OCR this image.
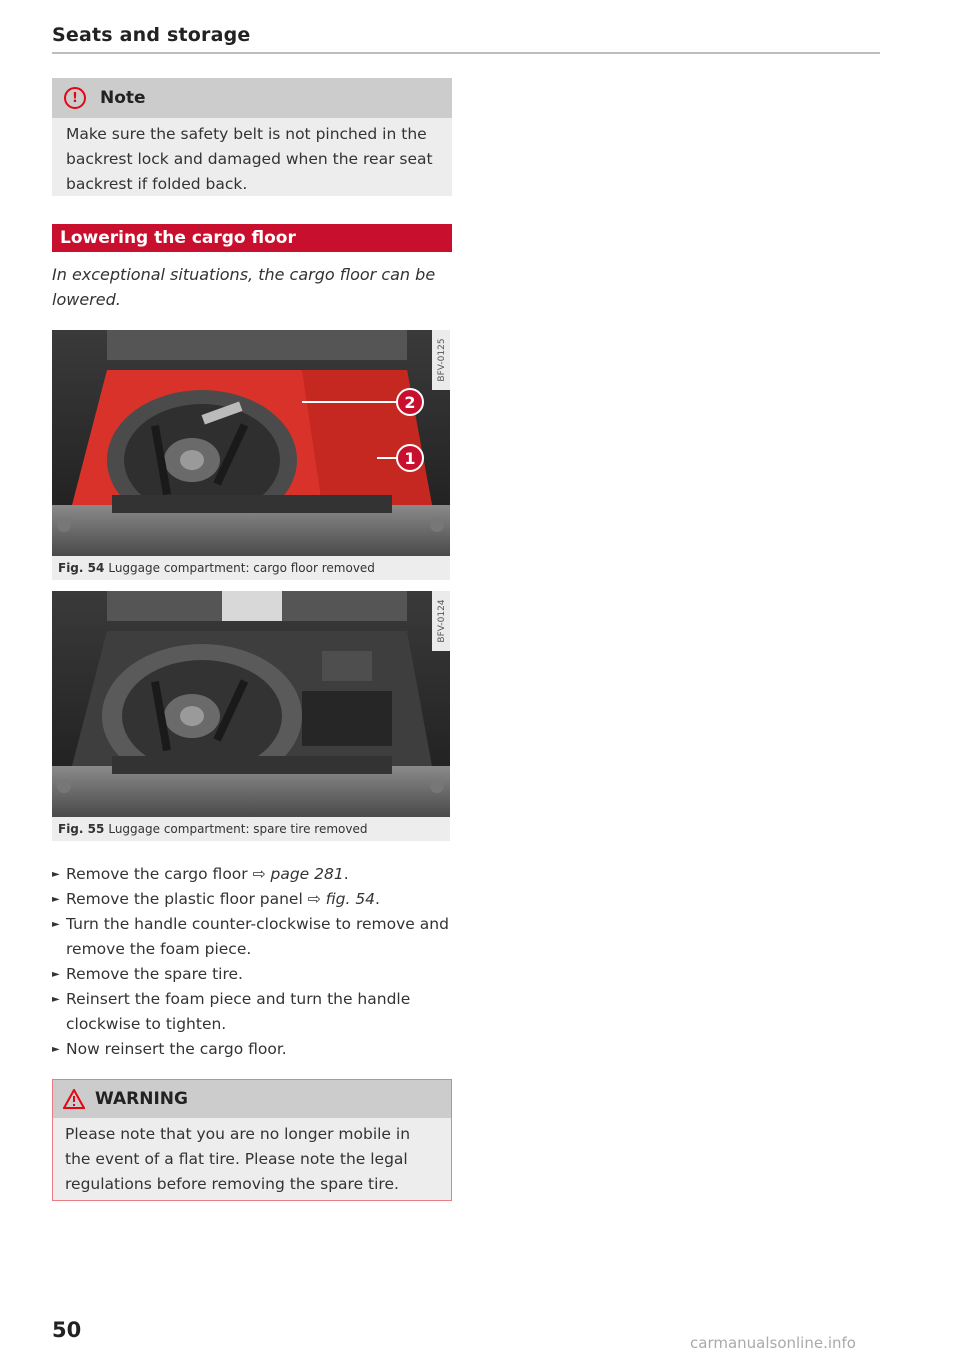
Seats and storage
!	Note
Make sure the safety belt is not pinched in the backrest lock and damaged when the rear seat backrest if folded back.
Lowering the cargo floor
In exceptional situations, the cargo floor can be lowered.
BFV-0125
2
1
Fig. 54 Luggage compartment: cargo floor removed
BFV-0124
Fig. 55 Luggage compartment: spare tire removed
► Remove the cargo floor ⇨ page 281.
► Remove the plastic floor panel ⇨ fig. 54.
► Turn the handle counter-clockwise to remove and remove the foam piece.
► Remove the spare tire.
► Reinsert the foam piece and turn the handle clockwise to tighten.
► Now reinsert the cargo floor.
WARNING
Please note that you are no longer mobile in the event of a flat tire. Please note the legal regulations before removing the spare tire.
50
carmanualsonline.info
